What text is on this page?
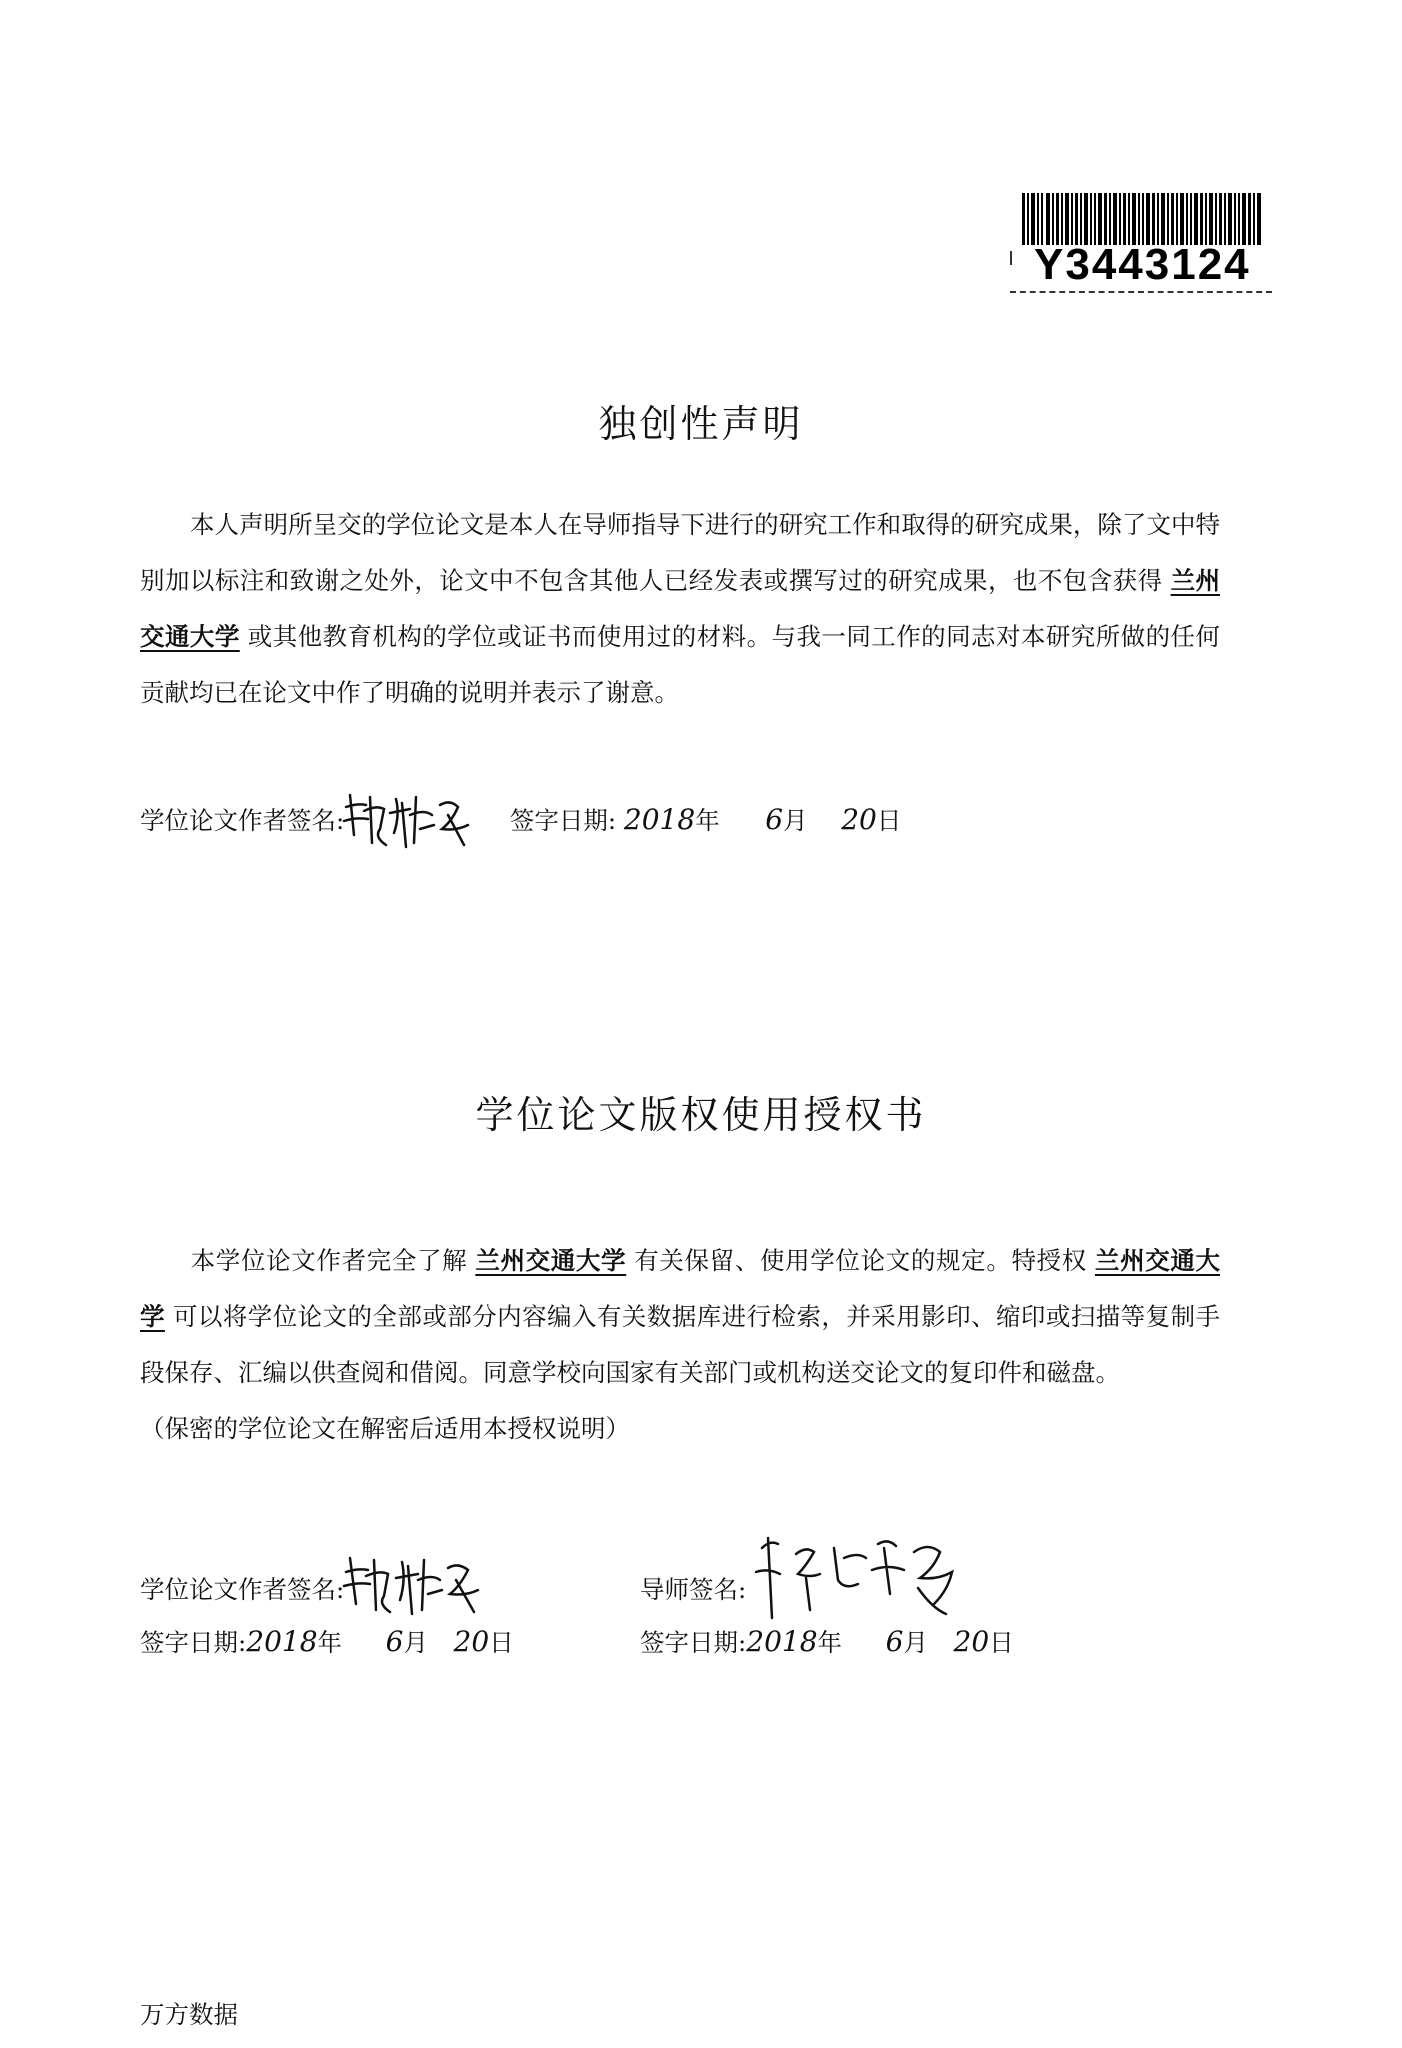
Y3443124
独创性声明
本人声明所呈交的学位论文是本人在导师指导下进行的研究工作和取得的研究成果，除了文中特别加以标注和致谢之处外，论文中不包含其他人已经发表或撰写过的研究成果，也不包含获得 兰州交通大学 或其他教育机构的学位或证书而使用过的材料。与我一同工作的同志对本研究所做的任何贡献均已在论文中作了明确的说明并表示了谢意。
学位论文作者签名:	签字日期: 2018年 6月 20日
学位论文版权使用授权书
本学位论文作者完全了解 兰州交通大学 有关保留、使用学位论文的规定。特授权 兰州交通大学 可以将学位论文的全部或部分内容编入有关数据库进行检索，并采用影印、缩印或扫描等复制手段保存、汇编以供查阅和借阅。同意学校向国家有关部门或机构送交论文的复印件和磁盘。
（保密的学位论文在解密后适用本授权说明）
学位论文作者签名:
签字日期:2018年 6月 20日
导师签名:
签字日期:2018年 6月 20日
万方数据
